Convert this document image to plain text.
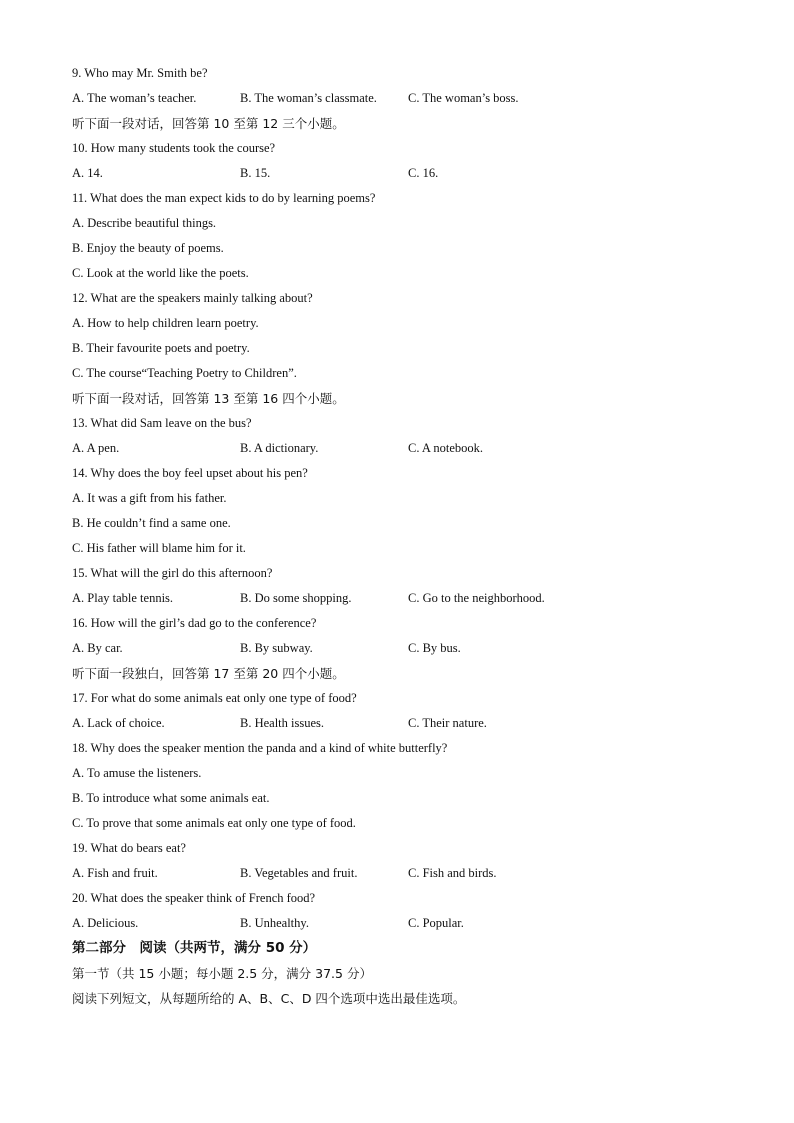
9. Who may Mr. Smith be?
A. The woman’s teacher.	B. The woman’s classmate. C. The woman’s boss.
听下面一段对话，回答第 10 至第 12 三个小题。
10. How many students took the course?
A. 14.	B. 15.	C. 16.
11. What does the man expect kids to do by learning poems?
A. Describe beautiful things.
B. Enjoy the beauty of poems.
C. Look at the world like the poets.
12. What are the speakers mainly talking about?
A. How to help children learn poetry.
B. Their favourite poets and poetry.
C. The course“Teaching Poetry to Children”.
听下面一段对话，回答第 13 至第 16 四个小题。
13. What did Sam leave on the bus?
A. A pen.	B. A dictionary.	C. A notebook.
14. Why does the boy feel upset about his pen?
A. It was a gift from his father.
B. He couldn’t find a same one.
C. His father will blame him for it.
15. What will the girl do this afternoon?
A. Play table tennis.	B. Do some shopping.	C. Go to the neighborhood.
16. How will the girl’s dad go to the conference?
A. By car.	B. By subway.	C. By bus.
听下面一段独白，回答第 17 至第 20 四个小题。
17. For what do some animals eat only one type of food?
A. Lack of choice.	B. Health issues.	C. Their nature.
18. Why does the speaker mention the panda and a kind of white butterfly?
A. To amuse the listeners.
B. To introduce what some animals eat.
C. To prove that some animals eat only one type of food.
19. What do bears eat?
A. Fish and fruit.	B. Vegetables and fruit.	C. Fish and birds.
20. What does the speaker think of French food?
A. Delicious.	B. Unhealthy.	C. Popular.
第二部分　阅读（共两节，满分 50 分）
第一节（共 15 小题；每小题 2.5 分，满分 37.5 分）
阅读下列短文，从每题所给的 A、B、C、D 四个选项中选出最佳选项。
